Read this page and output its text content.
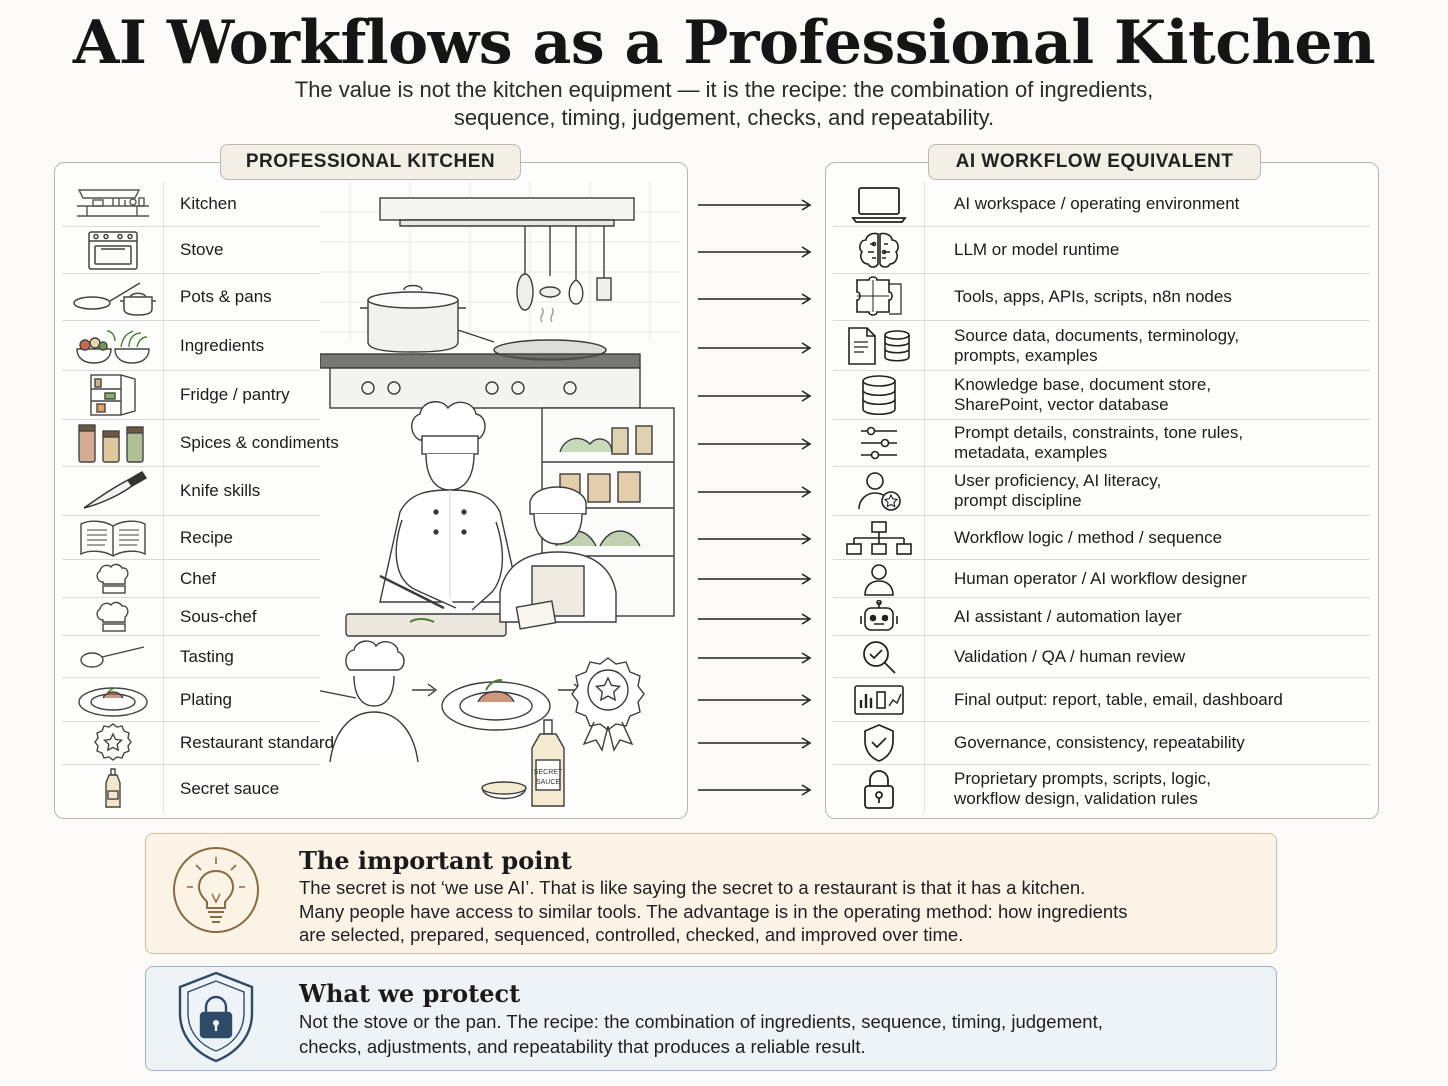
AI Workflows as a Professional Kitchen
The value is not the kitchen equipment — it is the recipe: the combination of ingredients,
sequence, timing, judgement, checks, and repeatability.
PROFESSIONAL KITCHEN
Kitchen
Stove
Pots & pans
Ingredients
Fridge / pantry
Spices & condiments
Knife skills
Recipe
Chef
Sous-chef
Tasting
Plating
Restaurant standard
Secret sauce
SECRET
SAUCE
AI WORKFLOW EQUIVALENT
AI workspace / operating environment
LLM or model runtime
Tools, apps, APIs, scripts, n8n nodes
Source data, documents, terminology,
prompts, examples
Knowledge base, document store,
SharePoint, vector database
Prompt details, constraints, tone rules,
metadata, examples
User proficiency, AI literacy,
prompt discipline
Workflow logic / method / sequence
Human operator / AI workflow designer
AI assistant / automation layer
Validation / QA / human review
Final output: report, table, email, dashboard
Governance, consistency, repeatability
Proprietary prompts, scripts, logic,
workflow design, validation rules
The important point
The secret is not ‘we use AI’. That is like saying the secret to a restaurant is that it has a kitchen.
Many people have access to similar tools. The advantage is in the operating method: how ingredients
are selected, prepared, sequenced, controlled, checked, and improved over time.
What we protect
Not the stove or the pan. The recipe: the combination of ingredients, sequence, timing, judgement,
checks, adjustments, and repeatability that produces a reliable result.
